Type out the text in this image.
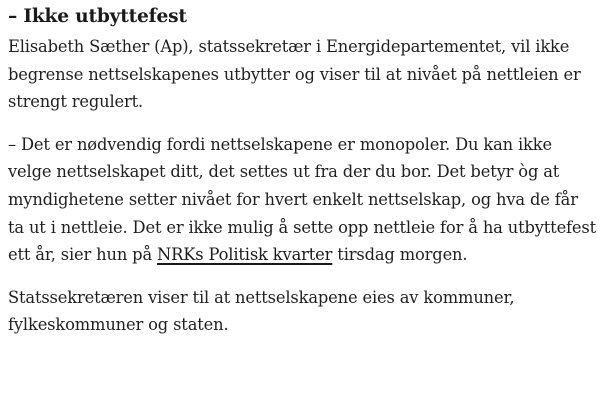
– Ikke utbyttefest

Elisabeth Sæther (Ap), statssekretær i Energidepartementet, vil ikke begrense nettselskapenes utbytter og viser til at nivået på nettleien er strengt regulert.

– Det er nødvendig fordi nettselskapene er monopoler. Du kan ikke velge nettselskapet ditt, det settes ut fra der du bor. Det betyr òg at myndighetene setter nivået for hvert enkelt nettselskap, og hva de får ta ut i nettleie. Det er ikke mulig å sette opp nettleie for å ha utbyttefest ett år, sier hun på NRKs Politisk kvarter tirsdag morgen.

Statssekretæren viser til at nettselskapene eies av kommuner, fylkeskommuner og staten.
